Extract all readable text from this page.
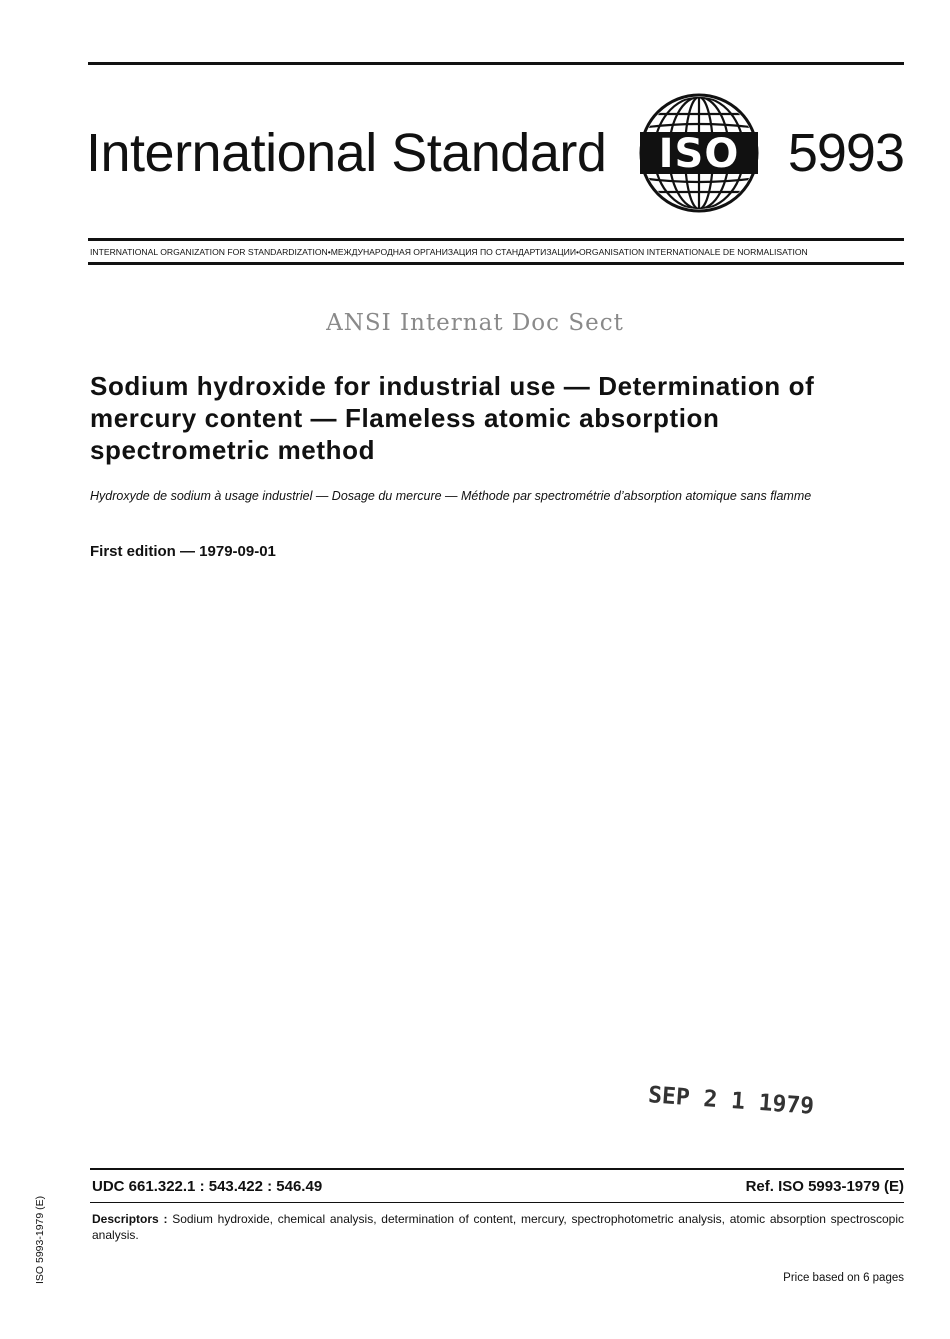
International Standard ISO 5993
INTERNATIONAL ORGANIZATION FOR STANDARDIZATION•МЕЖДУНАРОДНАЯ ОРГАНИЗАЦИЯ ПО СТАНДАРТИЗАЦИИ•ORGANISATION INTERNATIONALE DE NORMALISATION
ANSI Internat Doc Sect
Sodium hydroxide for industrial use — Determination of
mercury content — Flameless atomic absorption
spectrometric method
Hydroxyde de sodium à usage industriel — Dosage du mercure — Méthode par spectrométrie d’absorption atomique sans flamme
First edition — 1979-09-01
SEP 2 1 1979
UDC 661.322.1 : 543.422 : 546.49	Ref. ISO 5993-1979 (E)
Descriptors : Sodium hydroxide, chemical analysis, determination of content, mercury, spectrophotometric analysis, atomic absorption spectroscopic analysis.
Price based on 6 pages
ISO 5993-1979 (E)
